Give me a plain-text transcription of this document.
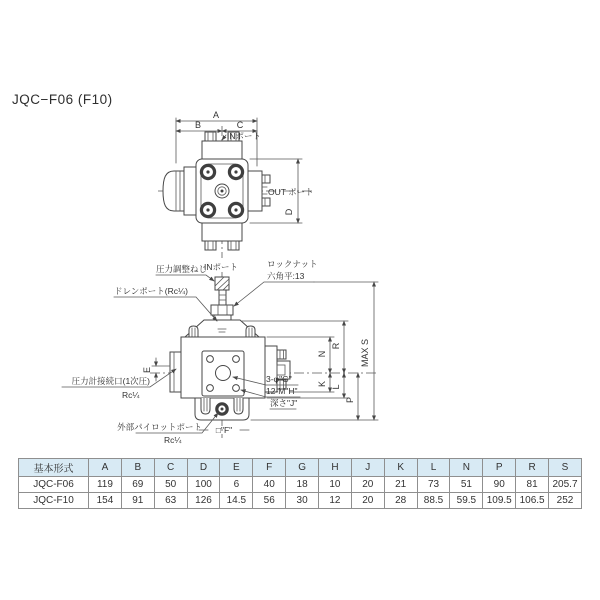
JQC−F06 (F10)
A
B	C
INポート
OUT ポート
D
INポート
圧力調整ねじ
ドレンポート(Rc¼)
圧力計接続口(1次圧)
Rc¼
E
外部パイロットポート
Rc¼
□"F"
ロックナット
六角平:13
3-φ"G"
12-M"H"
深さ"J"
N
R
K L
P
MAX S
基本形式	A	B	C	D	E	F	G	H	J	K	L	N	P	R	S
JQC-F06	119	69	50	100	6	40	18	10	20	21	73	51	90	81	205.7
JQC-F10	154	91	63	126	14.5	56	30	12	20	28	88.5	59.5	109.5	106.5	252
